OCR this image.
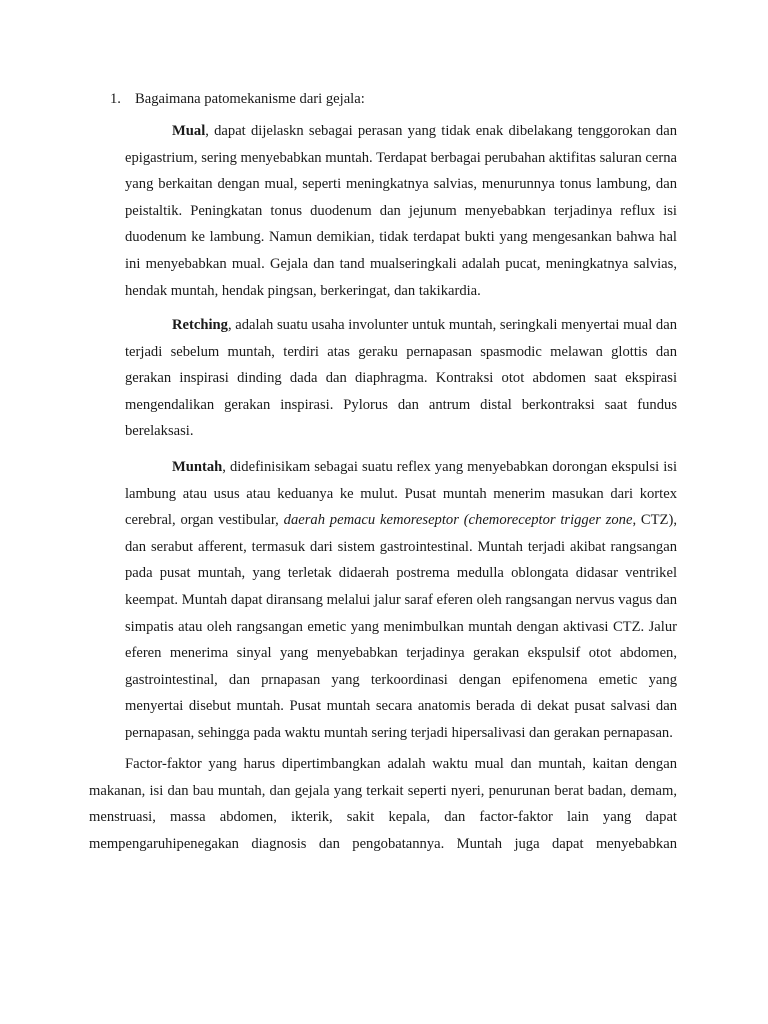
1. Bagaimana patomekanisme dari gejala:

Mual, dapat dijelaskn sebagai perasan yang tidak enak dibelakang tenggorokan dan epigastrium, sering menyebabkan muntah. Terdapat berbagai perubahan aktifitas saluran cerna yang berkaitan dengan mual, seperti meningkatnya salvias, menurunnya tonus lambung, dan peistaltik. Peningkatan tonus duodenum dan jejunum menyebabkan terjadinya reflux isi duodenum ke lambung. Namun demikian, tidak terdapat bukti yang mengesankan bahwa hal ini menyebabkan mual. Gejala dan tand mualseringkali adalah pucat, meningkatnya salvias, hendak muntah, hendak pingsan, berkeringat, dan takikardia.

Retching, adalah suatu usaha involunter untuk muntah, seringkali menyertai mual dan terjadi sebelum muntah, terdiri atas geraku pernapasan spasmodic melawan glottis dan gerakan inspirasi dinding dada dan diaphragma. Kontraksi otot abdomen saat ekspirasi mengendalikan gerakan inspirasi. Pylorus dan antrum distal berkontraksi saat fundus berelaksasi.

Muntah, didefinisikam sebagai suatu reflex yang menyebabkan dorongan ekspulsi isi lambung atau usus atau keduanya ke mulut. Pusat muntah menerim masukan dari kortex cerebral, organ vestibular, daerah pemacu kemoreseptor (chemoreceptor trigger zone, CTZ), dan serabut afferent, termasuk dari sistem gastrointestinal. Muntah terjadi akibat rangsangan pada pusat muntah, yang terletak didaerah postrema medulla oblongata didasar ventrikel keempat. Muntah dapat diransang melalui jalur saraf eferen oleh rangsangan nervus vagus dan simpatis atau oleh rangsangan emetic yang menimbulkan muntah dengan aktivasi CTZ. Jalur eferen menerima sinyal yang menyebabkan terjadinya gerakan ekspulsif otot abdomen, gastrointestinal, dan prnapasan yang terkoordinasi dengan epifenomena emetic yang menyertai disebut muntah. Pusat muntah secara anatomis berada di dekat pusat salvasi dan pernapasan, sehingga pada waktu muntah sering terjadi hipersalivasi dan gerakan pernapasan.

Factor-faktor yang harus dipertimbangkan adalah waktu mual dan muntah, kaitan dengan makanan, isi dan bau muntah, dan gejala yang terkait seperti nyeri, penurunan berat badan, demam, menstruasi, massa abdomen, ikterik, sakit kepala, dan factor-faktor lain yang dapat mempengaruhipenegakan diagnosis dan pengobatannya. Muntah juga dapat menyebabkan
